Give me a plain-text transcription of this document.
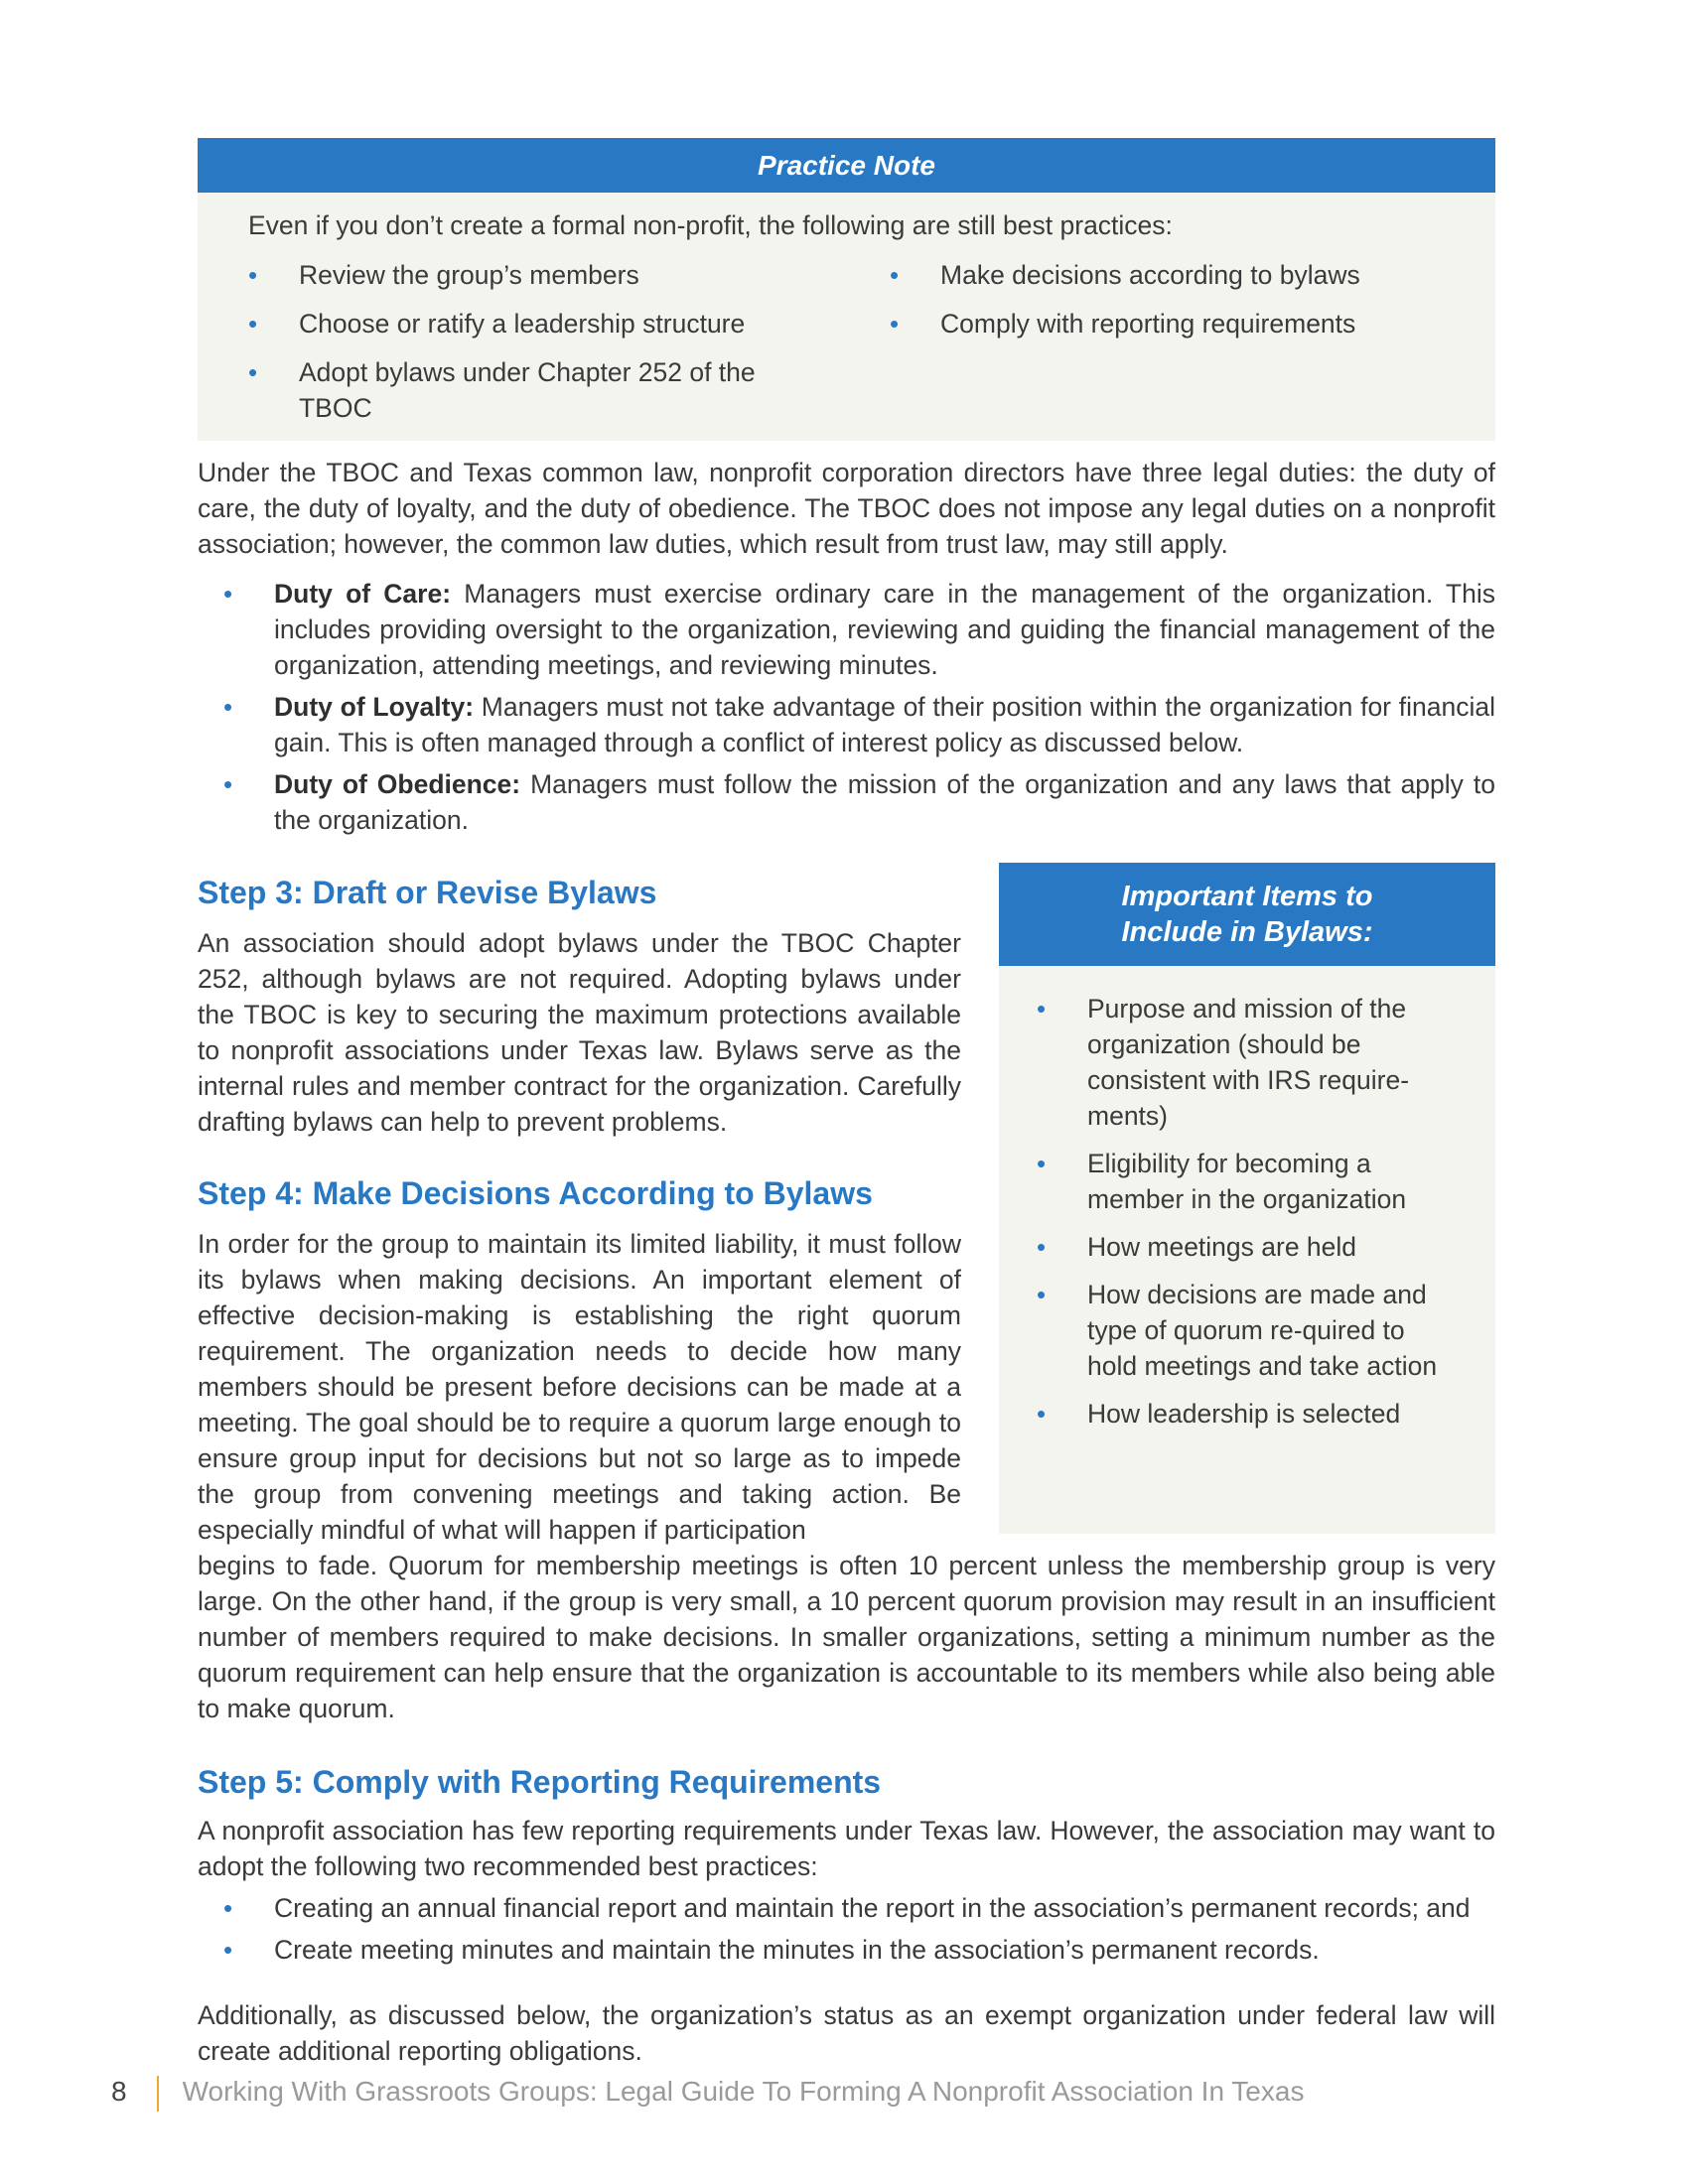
Practice Note
Even if you don’t create a formal non-profit, the following are still best practices:
• Review the group’s members
• Choose or ratify a leadership structure
• Adopt bylaws under Chapter 252 of the TBOC
• Make decisions according to bylaws
• Comply with reporting requirements

Under the TBOC and Texas common law, nonprofit corporation directors have three legal duties: the duty of care, the duty of loyalty, and the duty of obedience. The TBOC does not impose any legal duties on a nonprofit association; however, the common law duties, which result from trust law, may still apply.

• Duty of Care: Managers must exercise ordinary care in the management of the organization. This includes providing oversight to the organization, reviewing and guiding the financial management of the organization, attending meetings, and reviewing minutes.
• Duty of Loyalty: Managers must not take advantage of their position within the organization for financial gain. This is often managed through a conflict of interest policy as discussed below.
• Duty of Obedience: Managers must follow the mission of the organization and any laws that apply to the organization.
Step 3: Draft or Revise Bylaws

An association should adopt bylaws under the TBOC Chapter 252, although bylaws are not required. Adopting bylaws under the TBOC is key to securing the maximum protections available to nonprofit associations under Texas law. Bylaws serve as the internal rules and member contract for the organization. Carefully drafting bylaws can help to prevent problems.

Important Items to
Include in Bylaws:
• Purpose and mission of the organization (should be consistent with IRS require-ments)
• Eligibility for becoming a member in the organization
• How meetings are held
• How decisions are made and type of quorum re-quired to hold meetings and take action
• How leadership is selected
Step 4: Make Decisions According to Bylaws

In order for the group to maintain its limited liability, it must follow its bylaws when making decisions. An important element of effective decision-making is establishing the right quorum requirement. The organization needs to decide how many members should be present before decisions can be made at a meeting. The goal should be to require a quorum large enough to ensure group input for decisions but not so large as to impede the group from convening meetings and taking action. Be especially mindful of what will happen if participation

begins to fade. Quorum for membership meetings is often 10 percent unless the membership group is very large. On the other hand, if the group is very small, a 10 percent quorum provision may result in an insufficient number of members required to make decisions. In smaller organizations, setting a minimum number as the quorum requirement can help ensure that the organization is accountable to its members while also being able to make quorum.

Step 5: Comply with Reporting Requirements

A nonprofit association has few reporting requirements under Texas law. However, the association may want to adopt the following two recommended best practices:

• Creating an annual financial report and maintain the report in the association’s permanent records; and
• Create meeting minutes and maintain the minutes in the association’s permanent records.

Additionally, as discussed below, the organization’s status as an exempt organization under federal law will create additional reporting obligations.

8 Working With Grassroots Groups: Legal Guide To Forming A Nonprofit Association In Texas
